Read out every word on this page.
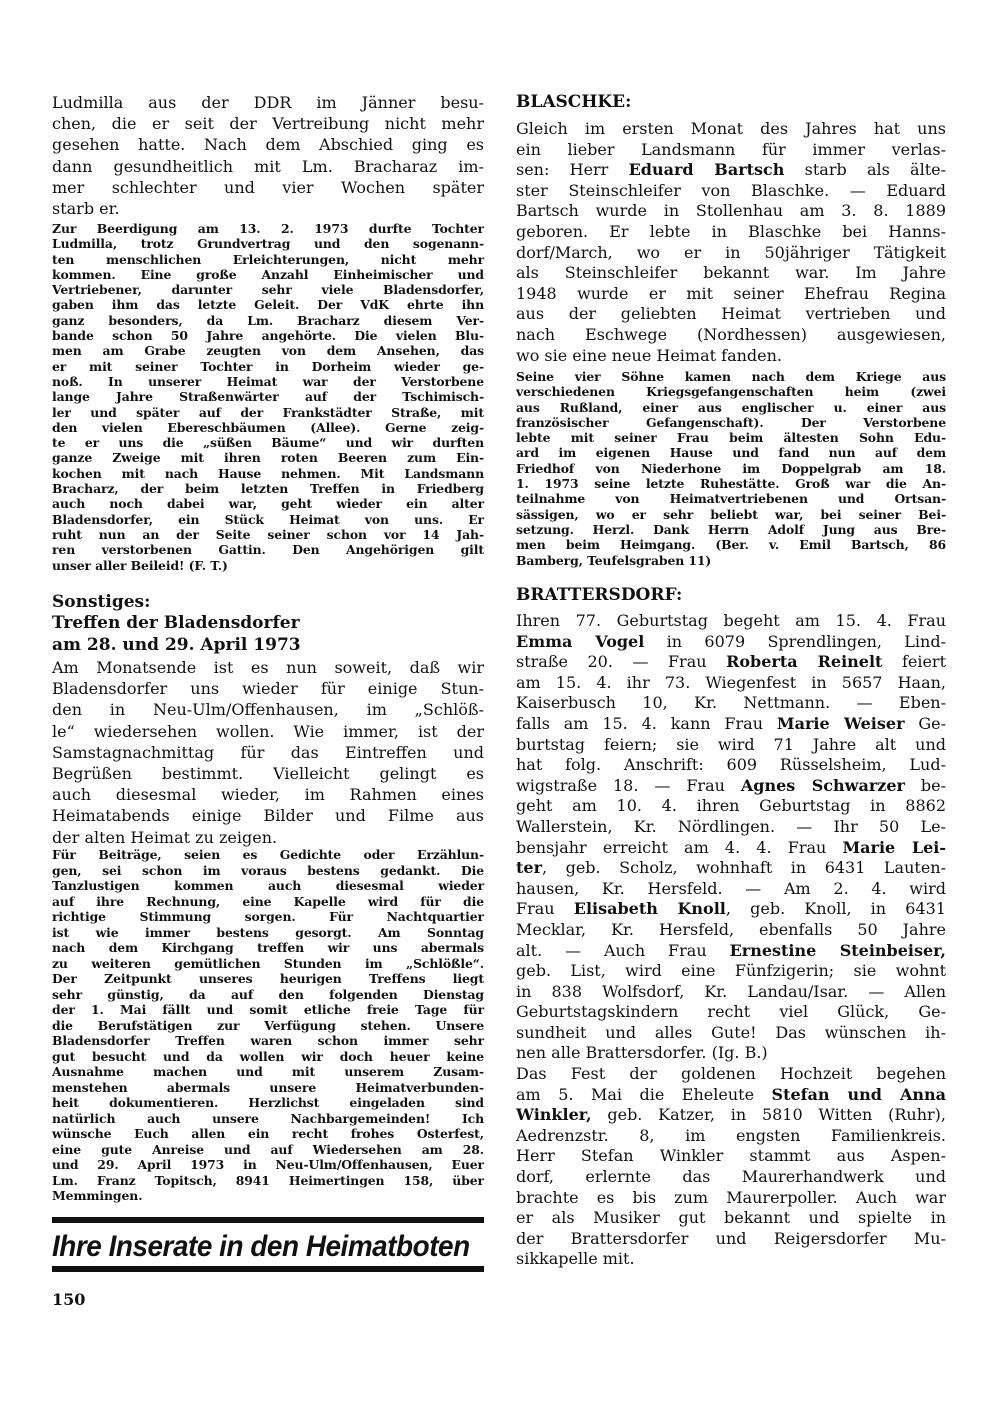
Ludmilla aus der DDR im Jänner besu-
chen, die er seit der Vertreibung nicht mehr
gesehen hatte. Nach dem Abschied ging es
dann gesundheitlich mit Lm. Bracharaz im-
mer schlechter und vier Wochen später
starb er.
Zur Beerdigung am 13. 2. 1973 durfte Tochter
Ludmilla, trotz Grundvertrag und den sogenann-
ten menschlichen Erleichterungen, nicht mehr
kommen. Eine große Anzahl Einheimischer und
Vertriebener, darunter sehr viele Bladensdorfer,
gaben ihm das letzte Geleit. Der VdK ehrte ihn
ganz besonders, da Lm. Bracharz diesem Ver-
bande schon 50 Jahre angehörte. Die vielen Blu-
men am Grabe zeugten von dem Ansehen, das
er mit seiner Tochter in Dorheim wieder ge-
noß. In unserer Heimat war der Verstorbene
lange Jahre Straßenwärter auf der Tschimisch-
ler und später auf der Frankstädter Straße, mit
den vielen Ebereschbäumen (Allee). Gerne zeig-
te er uns die „süßen Bäume“ und wir durften
ganze Zweige mit ihren roten Beeren zum Ein-
kochen mit nach Hause nehmen. Mit Landsmann
Bracharz, der beim letzten Treffen in Friedberg
auch noch dabei war, geht wieder ein alter
Bladensdorfer, ein Stück Heimat von uns. Er
ruht nun an der Seite seiner schon vor 14 Jah-
ren verstorbenen Gattin. Den Angehörigen gilt
unser aller Beileid! (F. T.)
Sonstiges:
Treffen der Bladensdorfer
am 28. und 29. April 1973
Am Monatsende ist es nun soweit, daß wir
Bladensdorfer uns wieder für einige Stun-
den in Neu-Ulm/Offenhausen, im „Schlöß-
le“ wiedersehen wollen. Wie immer, ist der
Samstagnachmittag für das Eintreffen und
Begrüßen bestimmt. Vielleicht gelingt es
auch diesesmal wieder, im Rahmen eines
Heimatabends einige Bilder und Filme aus
der alten Heimat zu zeigen.
Für Beiträge, seien es Gedichte oder Erzählun-
gen, sei schon im voraus bestens gedankt. Die
Tanzlustigen kommen auch diesesmal wieder
auf ihre Rechnung, eine Kapelle wird für die
richtige Stimmung sorgen. Für Nachtquartier
ist wie immer bestens gesorgt. Am Sonntag
nach dem Kirchgang treffen wir uns abermals
zu weiteren gemütlichen Stunden im „Schlößle“.
Der Zeitpunkt unseres heurigen Treffens liegt
sehr günstig, da auf den folgenden Dienstag
der 1. Mai fällt und somit etliche freie Tage für
die Berufstätigen zur Verfügung stehen. Unsere
Bladensdorfer Treffen waren schon immer sehr
gut besucht und da wollen wir doch heuer keine
Ausnahme machen und mit unserem Zusam-
menstehen abermals unsere Heimatverbunden-
heit dokumentieren. Herzlichst eingeladen sind
natürlich auch unsere Nachbargemeinden! Ich
wünsche Euch allen ein recht frohes Osterfest,
eine gute Anreise und auf Wiedersehen am 28.
und 29. April 1973 in Neu-Ulm/Offenhausen, Euer
Lm. Franz Topitsch, 8941 Heimertingen 158, über
Memmingen.
Ihre Inserate in den Heimatboten
150
BLASCHKE:
Gleich im ersten Monat des Jahres hat uns
ein lieber Landsmann für immer verlas-
sen: Herr Eduard Bartsch starb als älte-
ster Steinschleifer von Blaschke. — Eduard
Bartsch wurde in Stollenhau am 3. 8. 1889
geboren. Er lebte in Blaschke bei Hanns-
dorf/March, wo er in 50jähriger Tätigkeit
als Steinschleifer bekannt war. Im Jahre
1948 wurde er mit seiner Ehefrau Regina
aus der geliebten Heimat vertrieben und
nach Eschwege (Nordhessen) ausgewiesen,
wo sie eine neue Heimat fanden.
Seine vier Söhne kamen nach dem Kriege aus
verschiedenen Kriegsgefangenschaften heim (zwei
aus Rußland, einer aus englischer u. einer aus
französischer Gefangenschaft). Der Verstorbene
lebte mit seiner Frau beim ältesten Sohn Edu-
ard im eigenen Hause und fand nun auf dem
Friedhof von Niederhone im Doppelgrab am 18.
1. 1973 seine letzte Ruhestätte. Groß war die An-
teilnahme von Heimatvertriebenen und Ortsan-
sässigen, wo er sehr beliebt war, bei seiner Bei-
setzung. Herzl. Dank Herrn Adolf Jung aus Bre-
men beim Heimgang. (Ber. v. Emil Bartsch, 86
Bamberg, Teufelsgraben 11)
BRATTERSDORF:
Ihren 77. Geburtstag begeht am 15. 4. Frau
Emma Vogel in 6079 Sprendlingen, Lind-
straße 20. — Frau Roberta Reinelt feiert
am 15. 4. ihr 73. Wiegenfest in 5657 Haan,
Kaiserbusch 10, Kr. Nettmann. — Eben-
falls am 15. 4. kann Frau Marie Weiser Ge-
burtstag feiern; sie wird 71 Jahre alt und
hat folg. Anschrift: 609 Rüsselsheim, Lud-
wigstraße 18. — Frau Agnes Schwarzer be-
geht am 10. 4. ihren Geburtstag in 8862
Wallerstein, Kr. Nördlingen. — Ihr 50 Le-
bensjahr erreicht am 4. 4. Frau Marie Lei-
ter, geb. Scholz, wohnhaft in 6431 Lauten-
hausen, Kr. Hersfeld. — Am 2. 4. wird
Frau Elisabeth Knoll, geb. Knoll, in 6431
Mecklar, Kr. Hersfeld, ebenfalls 50 Jahre
alt. — Auch Frau Ernestine Steinbeiser,
geb. List, wird eine Fünfzigerin; sie wohnt
in 838 Wolfsdorf, Kr. Landau/Isar. — Allen
Geburtstagskindern recht viel Glück, Ge-
sundheit und alles Gute! Das wünschen ih-
nen alle Brattersdorfer. (Ig. B.)
Das Fest der goldenen Hochzeit begehen
am 5. Mai die Eheleute Stefan und Anna
Winkler, geb. Katzer, in 5810 Witten (Ruhr),
Aedrenzstr. 8, im engsten Familienkreis.
Herr Stefan Winkler stammt aus Aspen-
dorf, erlernte das Maurerhandwerk und
brachte es bis zum Maurerpoller. Auch war
er als Musiker gut bekannt und spielte in
der Brattersdorfer und Reigersdorfer Mu-
sikkapelle mit.
